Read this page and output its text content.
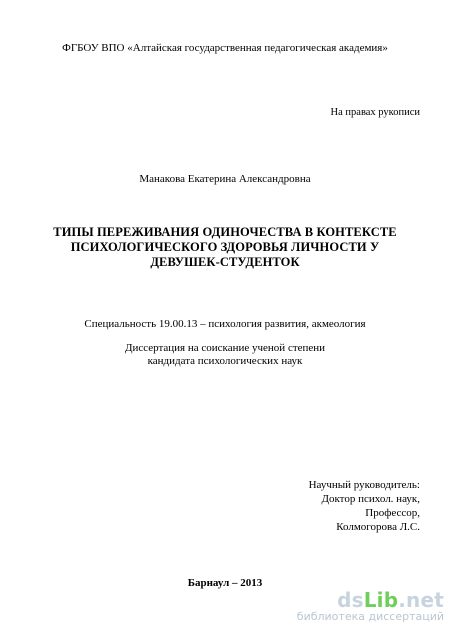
ФГБОУ ВПО «Алтайская государственная педагогическая академия»
На правах рукописи
Манакова Екатерина Александровна
ТИПЫ ПЕРЕЖИВАНИЯ ОДИНОЧЕСТВА В КОНТЕКСТЕ
ПСИХОЛОГИЧЕСКОГО ЗДОРОВЬЯ ЛИЧНОСТИ У
ДЕВУШЕК-СТУДЕНТОК
Специальность 19.00.13 – психология развития, акмеология
Диссертация на соискание ученой степени
кандидата психологических наук
Научный руководитель:
Доктор психол. наук,
Профессор,
Колмогорова Л.С.
Барнаул – 2013
dsLib.net
библиотека диссертаций
